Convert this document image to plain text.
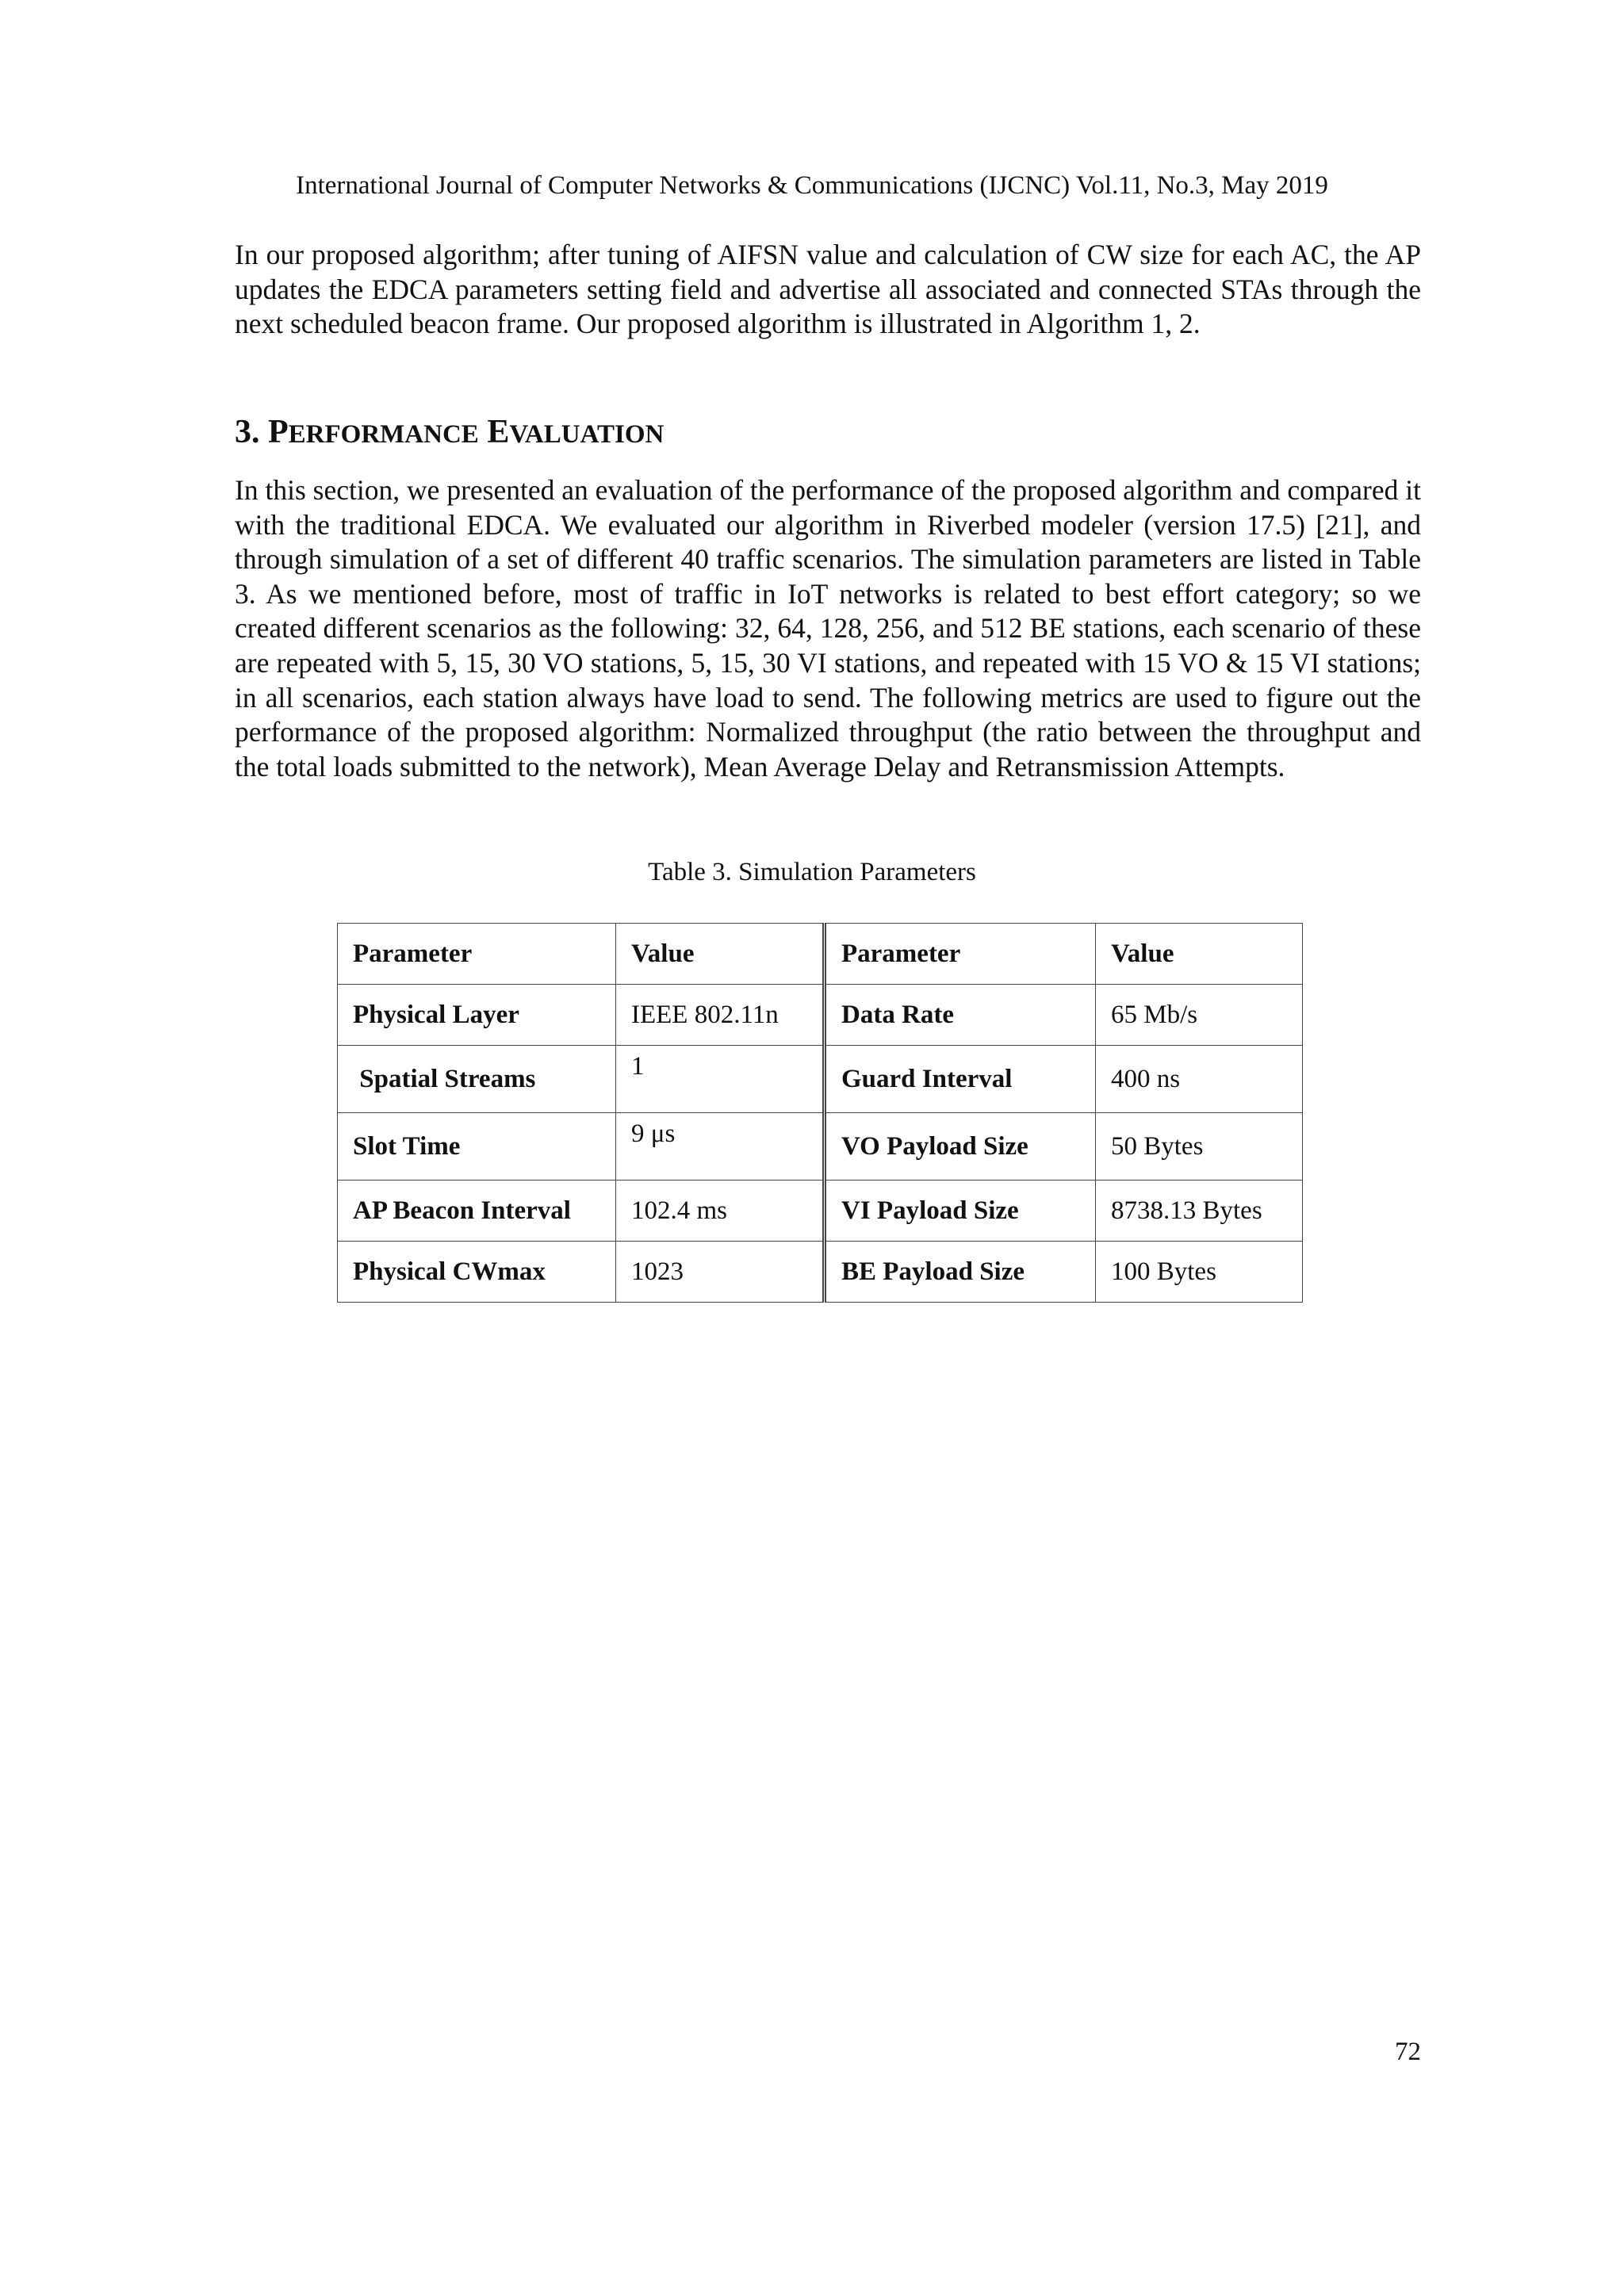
International Journal of Computer Networks & Communications (IJCNC) Vol.11, No.3, May 2019

In our proposed algorithm; after tuning of AIFSN value and calculation of CW size for each AC, the AP updates the EDCA parameters setting field and advertise all associated and connected STAs through the next scheduled beacon frame. Our proposed algorithm is illustrated in Algorithm 1, 2.

3. PERFORMANCE EVALUATION

In this section, we presented an evaluation of the performance of the proposed algorithm and compared it with the traditional EDCA. We evaluated our algorithm in Riverbed modeler (version 17.5) [21], and through simulation of a set of different 40 traffic scenarios. The simulation parameters are listed in Table 3. As we mentioned before, most of traffic in IoT networks is related to best effort category; so we created different scenarios as the following: 32, 64, 128, 256, and 512 BE stations, each scenario of these are repeated with 5, 15, 30 VO stations, 5, 15, 30 VI stations, and repeated with 15 VO & 15 VI stations; in all scenarios, each station always have load to send. The following metrics are used to figure out the performance of the proposed algorithm: Normalized throughput (the ratio between the throughput and the total loads submitted to the network), Mean Average Delay and Retransmission Attempts.

Table 3. Simulation Parameters
Parameter	Value	Parameter	Value
Physical Layer	IEEE 802.11n	Data Rate	65 Mb/s
Spatial Streams	1	Guard Interval	400 ns
Slot Time	9 μs	VO Payload Size	50 Bytes
AP Beacon Interval	102.4 ms	VI Payload Size	8738.13 Bytes
Physical CWmax	1023	BE Payload Size	100 Bytes
72
